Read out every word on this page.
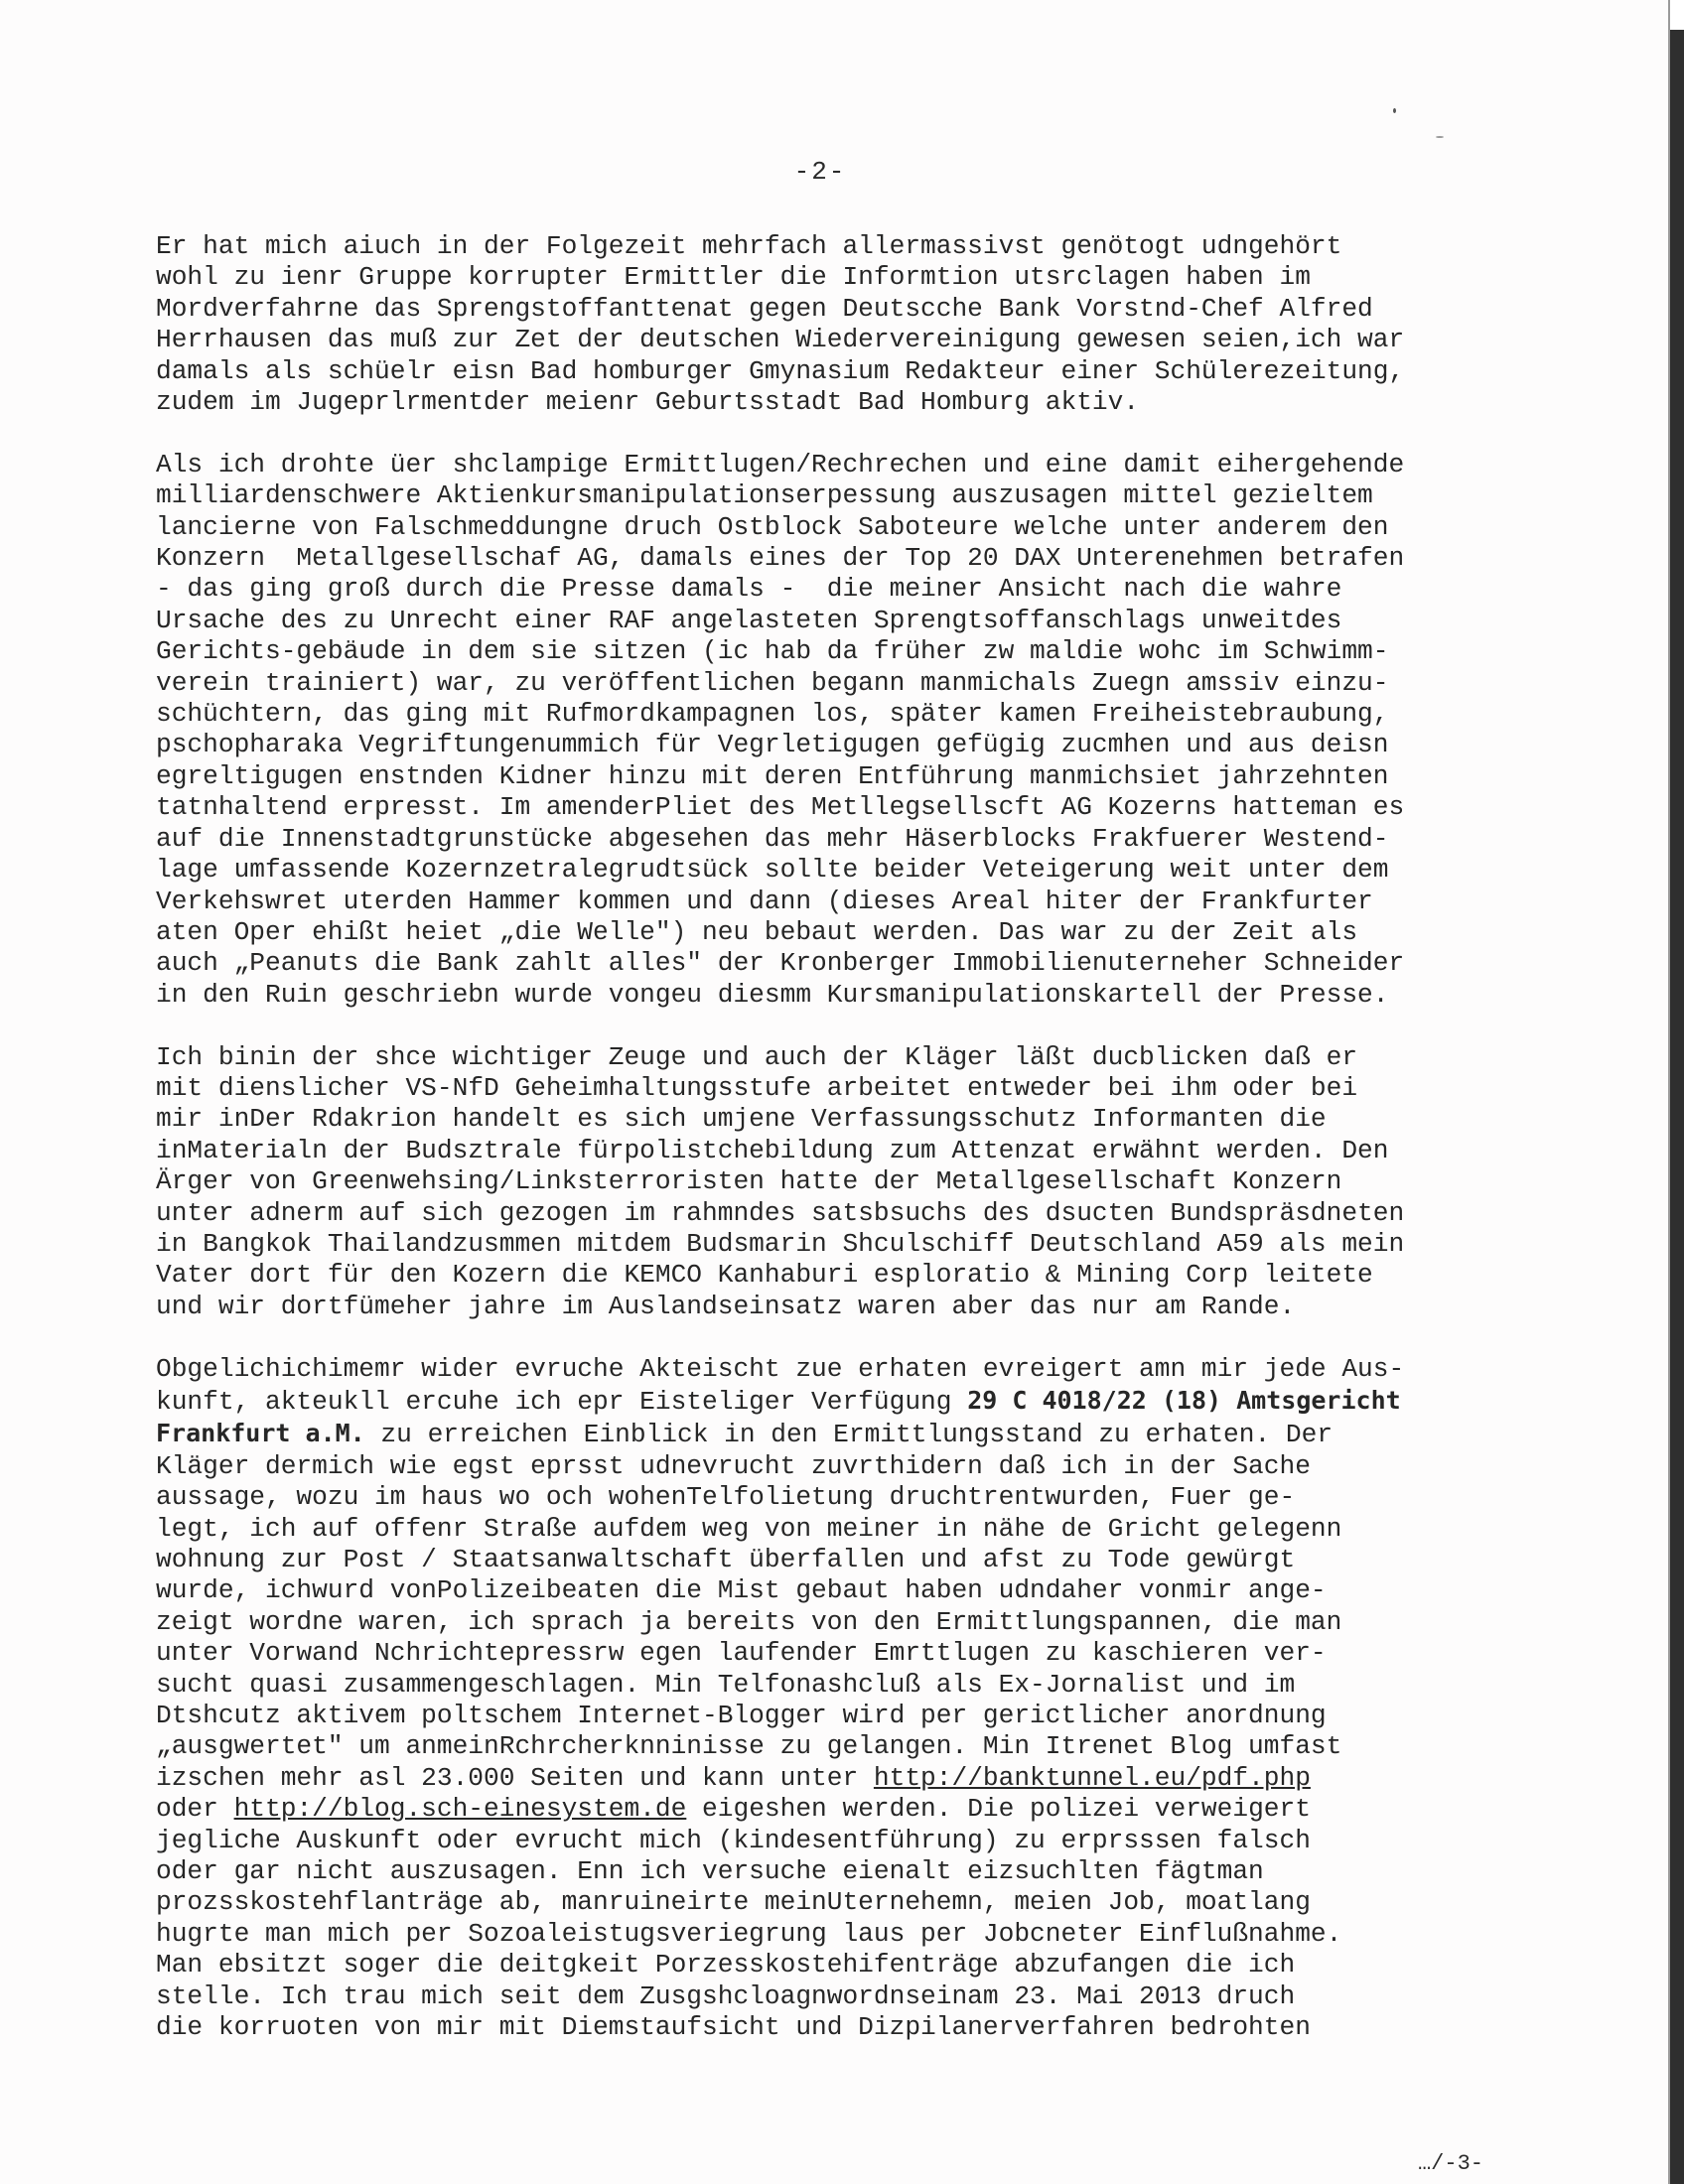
-2-

Er hat mich aiuch in der Folgezeit mehrfach allermassivst genötogt udngehört
wohl zu ienr Gruppe korrupter Ermittler die Informtion utsrclagen haben im
Mordverfahrne das Sprengstoffanttenat gegen Deutscche Bank Vorstnd-Chef Alfred
Herrhausen das muß zur Zet der deutschen Wiedervereinigung gewesen seien,ich war
damals als schüelr eisn Bad homburger Gmynasium Redakteur einer Schülerezeitung,
zudem im Jugeprlrmentder meienr Geburtsstadt Bad Homburg aktiv.

Als ich drohte üer shclampige Ermittlugen/Rechrechen und eine damit eihergehende
milliardenschwere Aktienkursmanipulationserpessung auszusagen mittel gezieltem
lancierne von Falschmeddungne druch Ostblock Saboteure welche unter anderem den
Konzern  Metallgesellschaf AG, damals eines der Top 20 DAX Unterenehmen betrafen
- das ging groß durch die Presse damals -  die meiner Ansicht nach die wahre
Ursache des zu Unrecht einer RAF angelasteten Sprengtsoffanschlags unweitdes
Gerichts-gebäude in dem sie sitzen (ic hab da früher zw maldie wohc im Schwimm-
verein trainiert) war, zu veröffentlichen begann manmichals Zuegn amssiv einzu-
schüchtern, das ging mit Rufmordkampagnen los, später kamen Freiheistebraubung,
pschopharaka Vegriftungenummich für Vegrletigugen gefügig zucmhen und aus deisn
egreltigugen enstnden Kidner hinzu mit deren Entführung manmichsiet jahrzehnten
tatnhaltend erpresst. Im amenderPliet des Metllegsellscft AG Kozerns hatteman es
auf die Innenstadtgrunstücke abgesehen das mehr Häserblocks Frakfuerer Westend-
lage umfassende Kozernzetralegrudtsück sollte beider Veteigerung weit unter dem
Verkehswret uterden Hammer kommen und dann (dieses Areal hiter der Frankfurter
aten Oper ehißt heiet „die Welle") neu bebaut werden. Das war zu der Zeit als
auch „Peanuts die Bank zahlt alles" der Kronberger Immobilienuterneher Schneider
in den Ruin geschriebn wurde vongeu diesmm Kursmanipulationskartell der Presse.

Ich binin der shce wichtiger Zeuge und auch der Kläger läßt ducblicken daß er
mit dienslicher VS-NfD Geheimhaltungsstufe arbeitet entweder bei ihm oder bei
mir inDer Rdakrion handelt es sich umjene Verfassungsschutz Informanten die
inMaterialn der Budsztrale fürpolistchebildung zum Attenzat erwähnt werden. Den
Ärger von Greenwehsing/Linksterroristen hatte der Metallgesellschaft Konzern
unter adnerm auf sich gezogen im rahmndes satsbsuchs des dsucten Bundspräsdneten
in Bangkok Thailandzusmmen mitdem Budsmarin Shculschiff Deutschland A59 als mein
Vater dort für den Kozern die KEMCO Kanhaburi esploratio & Mining Corp leitete
und wir dortfümeher jahre im Auslandseinsatz waren aber das nur am Rande.

Obgelichichimemr wider evruche Akteischt zue erhaten evreigert amn mir jede Aus-
kunft, akteukll ercuhe ich epr Eisteliger Verfügung 29 C 4018/22 (18) Amtsgericht
Frankfurt a.M. zu erreichen Einblick in den Ermittlungsstand zu erhaten. Der
Kläger dermich wie egst eprsst udnevrucht zuvrthidern daß ich in der Sache
aussage, wozu im haus wo och wohenTelfolietung druchtrentwurden, Fuer ge-
legt, ich auf offenr Straße aufdem weg von meiner in nähe de Gricht gelegenn
wohnung zur Post / Staatsanwaltschaft überfallen und afst zu Tode gewürgt
wurde, ichwurd vonPolizeibeaten die Mist gebaut haben udndaher vonmir ange-
zeigt wordne waren, ich sprach ja bereits von den Ermittlungspannen, die man
unter Vorwand Nchrichtepressrw egen laufender Emrttlugen zu kaschieren ver-
sucht quasi zusammengeschlagen. Min Telfonashcluß als Ex-Jornalist und im
Dtshcutz aktivem poltschem Internet-Blogger wird per gerictlicher anordnung
„ausgwertet" um anmeinRchrcherknninisse zu gelangen. Min Itrenet Blog umfast
izschen mehr asl 23.000 Seiten und kann unter http://banktunnel.eu/pdf.php
oder http://blog.sch-einesystem.de eigeshen werden. Die polizei verweigert
jegliche Auskunft oder evrucht mich (kindesentführung) zu erprsssen falsch
oder gar nicht auszusagen. Enn ich versuche eienalt eizsuchlten fägtman
prozsskostehflanträge ab, manruineirte meinUternehemn, meien Job, moatlang
hugrte man mich per Sozoaleistugsveriegrung laus per Jobcneter Einflußnahme.
Man ebsitzt soger die deitgkeit Porzesskostehifenträge abzufangen die ich
stelle. Ich trau mich seit dem Zusgshcloagnwordnseinam 23. Mai 2013 druch
die korruoten von mir mit Diemstaufsicht und Dizpilanerverfahren bedrohten

…/-3-
